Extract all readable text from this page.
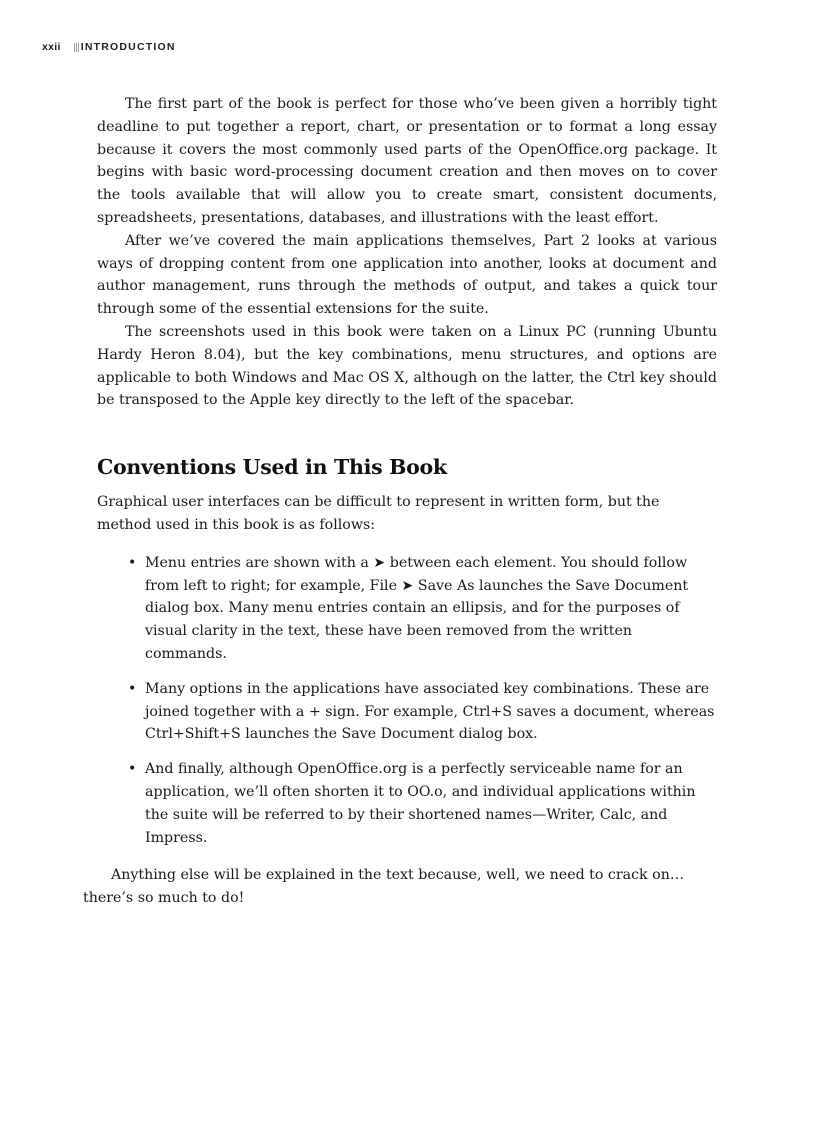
xxii INTRODUCTION

The first part of the book is perfect for those who’ve been given a horribly tight deadline to put together a report, chart, or presentation or to format a long essay because it covers the most commonly used parts of the OpenOffice.org package. It begins with basic word-processing document creation and then moves on to cover the tools available that will allow you to create smart, consistent documents, spreadsheets, presentations, databases, and illustrations with the least effort.

After we’ve covered the main applications themselves, Part 2 looks at various ways of dropping content from one application into another, looks at document and author management, runs through the methods of output, and takes a quick tour through some of the essential extensions for the suite.

The screenshots used in this book were taken on a Linux PC (running Ubuntu Hardy Heron 8.04), but the key combinations, menu structures, and options are applicable to both Windows and Mac OS X, although on the latter, the Ctrl key should be transposed to the Apple key directly to the left of the spacebar.

Conventions Used in This Book

Graphical user interfaces can be difficult to represent in written form, but the method used in this book is as follows:

• Menu entries are shown with a ➤ between each element. You should follow from left to right; for example, File ➤ Save As launches the Save Document dialog box. Many menu entries contain an ellipsis, and for the purposes of visual clarity in the text, these have been removed from the written commands.
• Many options in the applications have associated key combinations. These are joined together with a + sign. For example, Ctrl+S saves a document, whereas Ctrl+Shift+S launches the Save Document dialog box.
• And finally, although OpenOffice.org is a perfectly serviceable name for an application, we’ll often shorten it to OO.o, and individual applications within the suite will be referred to by their shortened names—Writer, Calc, and Impress.

Anything else will be explained in the text because, well, we need to crack on… there’s so much to do!
